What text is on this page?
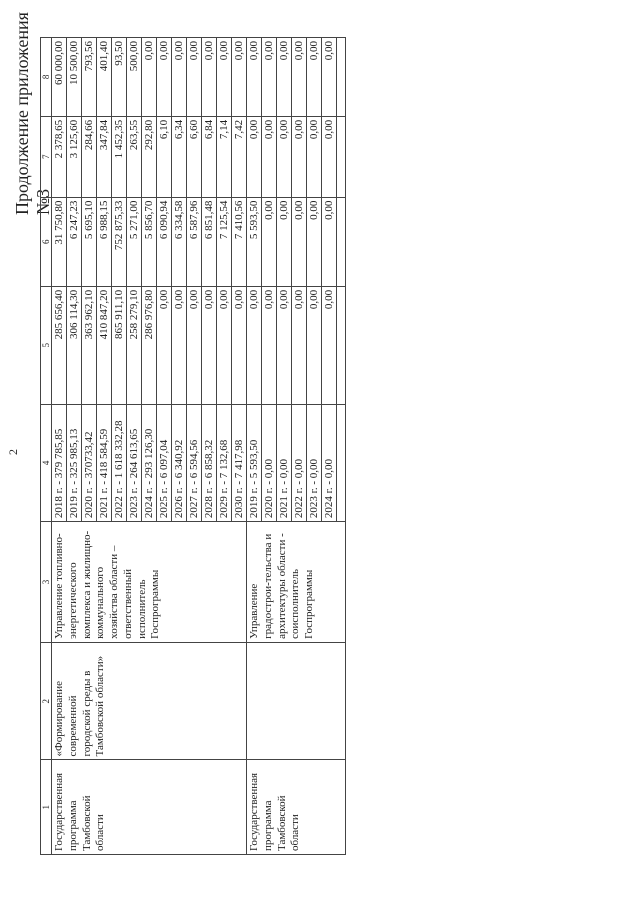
2
Продолжение приложения №3
1	2	3	4	5	6	7	8
Государственная программа Тамбовской области	«Формирование современной городской среды в Тамбовской области»	Управление топливно-энергетического комплекса и жилищно-коммунального хозяйства области – ответственный исполнитель Госпрограммы	2018 г. - 379 785,85	285 656,40	31 750,80	2 378,65	60 000,00
			2019 г. - 325 985,13	306 114,30	6 247,23	3 125,60	10 500,00
			2020 г. - 370733,42	363 962,10	5 695,10	284,66	793,56
			2021 г. - 418 584,59	410 847,20	6 988,15	347,84	401,40
			2022 г. - 1 618 332,28	865 911,10	752 875,33	1 452,35	93,50
			2023 г. - 264 613,65	258 279,10	5 271,00	263,55	500,00
			2024 г. - 293 126,30	286 976,80	5 856,70	292,80	0,00
			2025 г. - 6 097,04	0,00	6 090,94	6,10	0,00
			2026 г. - 6 340,92	0,00	6 334,58	6,34	0,00
			2027 г. - 6 594,56	0,00	6 587,96	6,60	0,00
			2028 г. - 6 858,32	0,00	6 851,48	6,84	0,00
			2029 г. - 7 132,68	0,00	7 125,54	7,14	0,00
			2030 г. - 7 417,98	0,00	7 410,56	7,42	0,00
Государственная программа Тамбовской области		Управление градострои-тельства и архитектуры области - соисполнитель Госпрограммы	2019 г. - 5 593,50	0,00	5 593,50	0,00	0,00
			2020 г. - 0,00	0,00	0,00	0,00	0,00
			2021 г. - 0,00	0,00	0,00	0,00	0,00
			2022 г. - 0,00	0,00	0,00	0,00	0,00
			2023 г. - 0,00	0,00	0,00	0,00	0,00
			2024 г. - 0,00	0,00	0,00	0,00	0,00
